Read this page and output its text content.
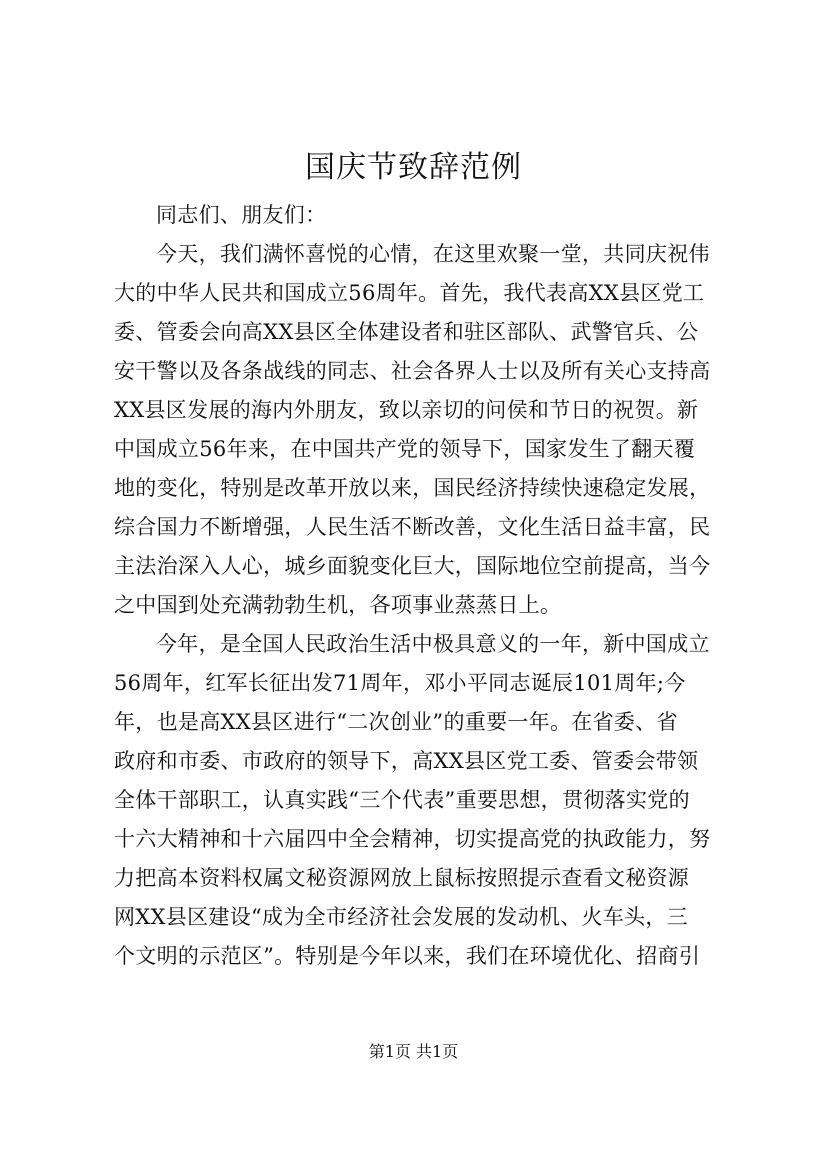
国庆节致辞范例
同志们、朋友们：
今天，我们满怀喜悦的心情，在这里欢聚一堂，共同庆祝伟
大的中华人民共和国成立56周年。首先，我代表高XX县区党工
委、管委会向高XX县区全体建设者和驻区部队、武警官兵、公
安干警以及各条战线的同志、社会各界人士以及所有关心支持高
XX县区发展的海内外朋友，致以亲切的问侯和节日的祝贺。新
中国成立56年来，在中国共产党的领导下，国家发生了翻天覆
地的变化，特别是改革开放以来，国民经济持续快速稳定发展，
综合国力不断增强，人民生活不断改善，文化生活日益丰富，民
主法治深入人心，城乡面貌变化巨大，国际地位空前提高，当今
之中国到处充满勃勃生机，各项事业蒸蒸日上。
今年，是全国人民政治生活中极具意义的一年，新中国成立
56周年，红军长征出发71周年，邓小平同志诞辰101周年;今
年，也是高XX县区进行“二次创业”的重要一年。在省委、省
政府和市委、市政府的领导下，高XX县区党工委、管委会带领
全体干部职工，认真实践“三个代表”重要思想，贯彻落实党的
十六大精神和十六届四中全会精神，切实提高党的执政能力，努
力把高本资料权属文秘资源网放上鼠标按照提示查看文秘资源
网XX县区建设“成为全市经济社会发展的发动机、火车头，三
个文明的示范区”。特别是今年以来，我们在环境优化、招商引
第1页 共1页
